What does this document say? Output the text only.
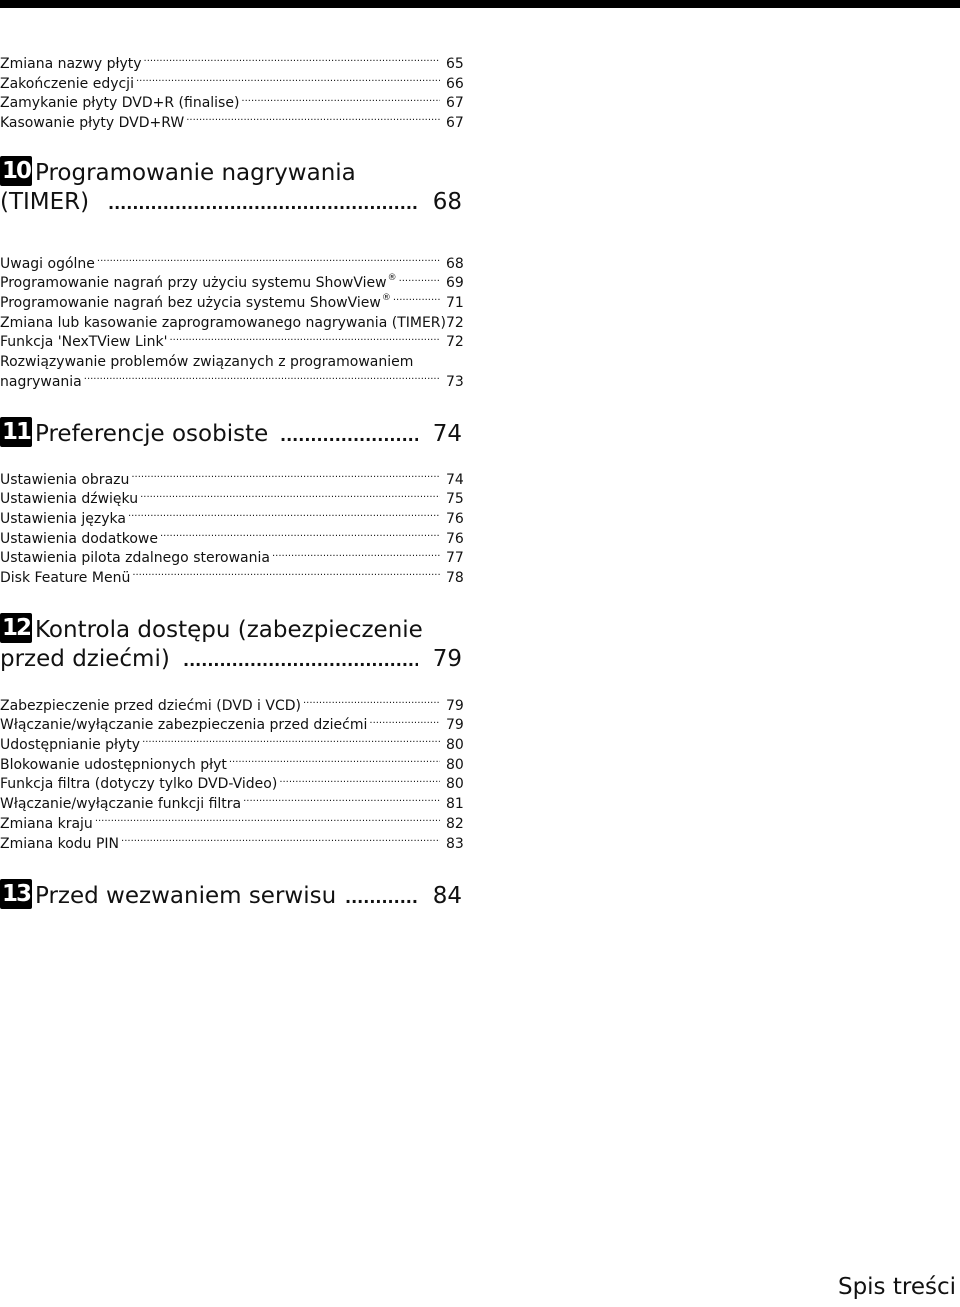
Zmiana nazwy płyty .....	65
Zakończenie edycji .....	66
Zamykanie płyty DVD+R (finalise) .....	67
Kasowanie płyty DVD+RW .....	67
10 Programowanie nagrywania
(TIMER) .....	68
Uwagi ogólne .....	68
Programowanie nagrań przy użyciu systemu ShowView® .....	69
Programowanie nagrań bez użycia systemu ShowView® .....	71
Zmiana lub kasowanie zaprogramowanego nagrywania (TIMER) 72
Funkcja 'NexTView Link' .....	72
Rozwiązywanie problemów związanych z programowaniem
nagrywania .....	73
11 Preferencje osobiste .....	74
Ustawienia obrazu .....	74
Ustawienia dźwięku .....	75
Ustawienia języka .....	76
Ustawienia dodatkowe .....	76
Ustawienia pilota zdalnego sterowania .....	77
Disk Feature Menü .....	78
12 Kontrola dostępu (zabezpieczenie
przed dziećmi) .....	79
Zabezpieczenie przed dziećmi (DVD i VCD) .....	79
Włączanie/wyłączanie zabezpieczenia przed dziećmi .....	79
Udostępnianie płyty .....	80
Blokowanie udostępnionych płyt .....	80
Funkcja filtra (dotyczy tylko DVD-Video) .....	80
Włączanie/wyłączanie funkcji filtra .....	81
Zmiana kraju .....	82
Zmiana kodu PIN .....	83
13 Przed wezwaniem serwisu .....	84
Spis treści
